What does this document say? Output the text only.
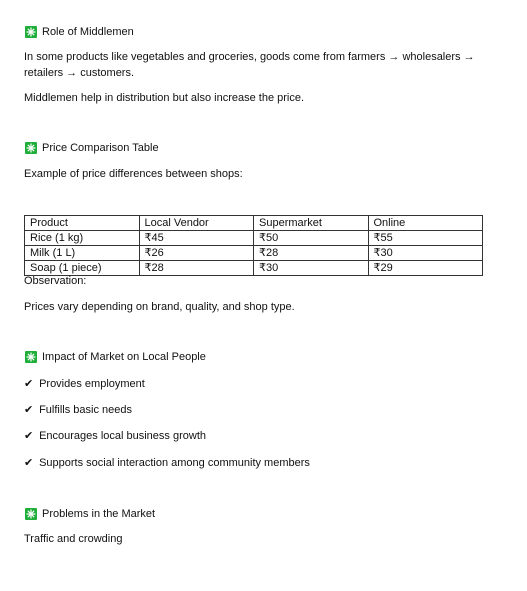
Role of Middlemen
In some products like vegetables and groceries, goods come from farmers → wholesalers →
retailers → customers.
Middlemen help in distribution but also increase the price.
Price Comparison Table
Example of price differences between shops:
Product	Local Vendor	Supermarket	Online
Rice (1 kg)	₹45	₹50	₹55
Milk (1 L)	₹26	₹28	₹30
Soap (1 piece)	₹28	₹30	₹29
Observation:
Prices vary depending on brand, quality, and shop type.
Impact of Market on Local People
✔ Provides employment
✔ Fulfills basic needs
✔ Encourages local business growth
✔ Supports social interaction among community members
Problems in the Market
Traffic and crowding
